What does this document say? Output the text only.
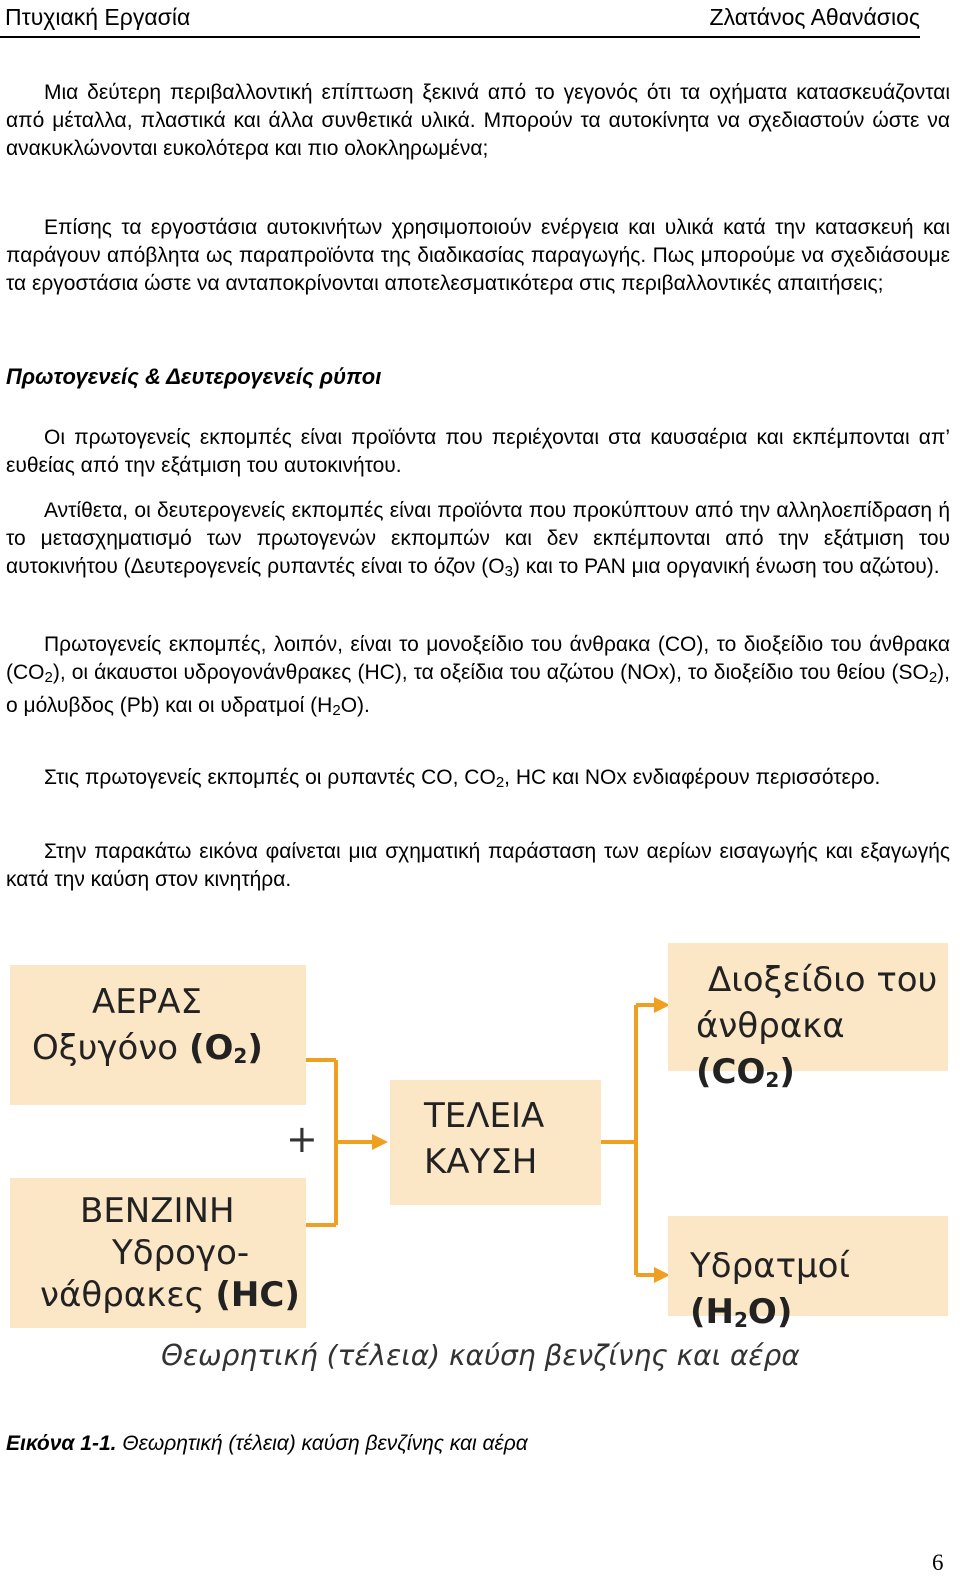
Πτυχιακή Εργασία	Ζλατάνος Αθανάσιος

Μια δεύτερη περιβαλλοντική επίπτωση ξεκινά από το γεγονός ότι τα οχήματα κατασκευάζονται από μέταλλα, πλαστικά και άλλα συνθετικά υλικά. Μπορούν τα αυτοκίνητα να σχεδιαστούν ώστε να ανακυκλώνονται ευκολότερα και πιο ολοκληρωμένα;

Επίσης τα εργοστάσια αυτοκινήτων χρησιμοποιούν ενέργεια και υλικά κατά την κατασκευή και παράγουν απόβλητα ως παραπροϊόντα της διαδικασίας παραγωγής. Πως μπορούμε να σχεδιάσουμε τα εργοστάσια ώστε να ανταποκρίνονται αποτελεσματικότερα στις περιβαλλοντικές απαιτήσεις;

Πρωτογενείς & Δευτερογενείς ρύποι

Οι πρωτογενείς εκπομπές είναι προϊόντα που περιέχονται στα καυσαέρια και εκπέμπονται απ’ ευθείας από την εξάτμιση του αυτοκινήτου.

Αντίθετα, οι δευτερογενείς εκπομπές είναι προϊόντα που προκύπτουν από την αλληλοεπίδραση ή το μετασχηματισμό των πρωτογενών εκπομπών και δεν εκπέμπονται από την εξάτμιση του αυτοκινήτου (Δευτερογενείς ρυπαντές είναι το όζον $(O_3)$ και το PAN μια οργανική ένωση του αζώτου).

Πρωτογενείς εκπομπές, λοιπόν, είναι το μονοξείδιο του άνθρακα (CO), το διοξείδιο του άνθρακα $(CO_2)$, οι άκαυστοι υδρογονάνθρακες (HC), τα οξείδια του αζώτου (NOx), το διοξείδιο του θείου $(SO_2)$, ο μόλυβδος (Pb) και οι υδρατμοί $(H_2O)$.

Στις πρωτογενείς εκπομπές οι ρυπαντές CO, $CO_2$, HC και NOx ενδιαφέρουν περισσότερο.

Στην παρακάτω εικόνα φαίνεται μια σχηματική παράσταση των αερίων εισαγωγής και εξαγωγής κατά την καύση στον κινητήρα.

ΑΕΡΑΣ
Οξυγόνο (O2)
+
ΒΕΝΖΙΝΗ
Υδρογο-
νάθρακες (HC)
ΤΕΛΕΙΑ
ΚΑΥΣΗ
Διοξείδιο του
άνθρακα (CO2)
Υδρατμοί (H2O)
Θεωρητική (τέλεια) καύση βενζίνης και αέρα

Εικόνα 1-1. Θεωρητική (τέλεια) καύση βενζίνης και αέρα

6
